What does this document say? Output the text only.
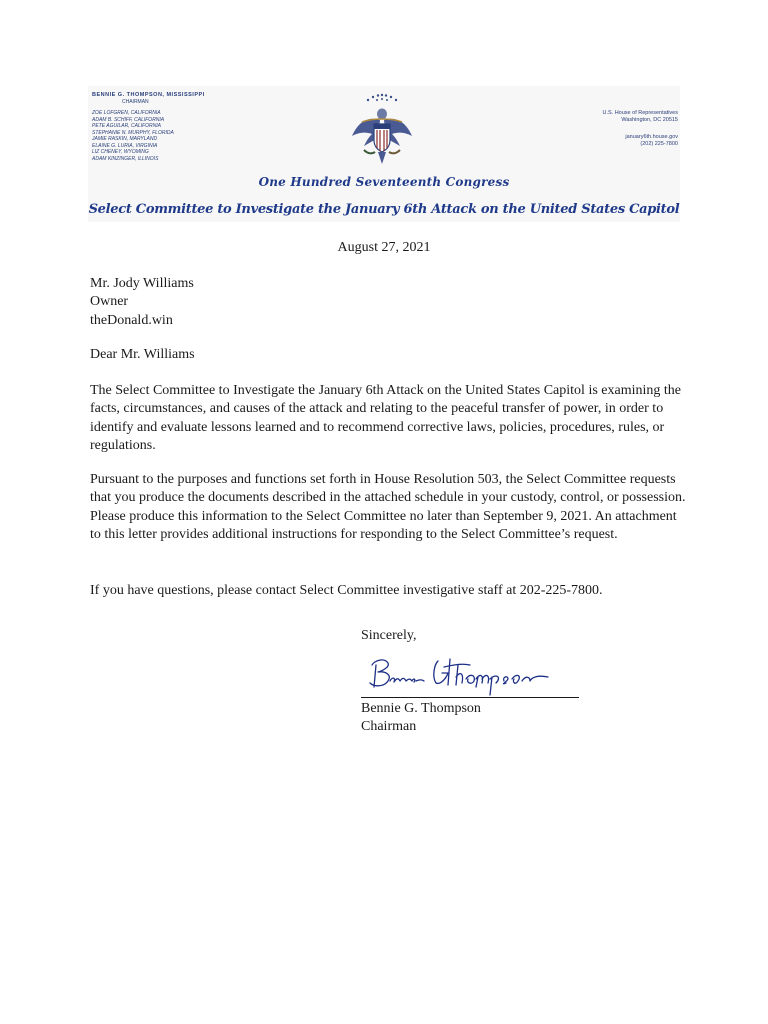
BENNIE G. THOMPSON, MISSISSIPPI
CHAIRMAN
ZOE LOFGREN, CALIFORNIA
ADAM B. SCHIFF, CALIFORNIA
PETE AGUILAR, CALIFORNIA
STEPHANIE N. MURPHY, FLORIDA
JAMIE RASKIN, MARYLAND
ELAINE G. LURIA, VIRGINIA
LIZ CHENEY, WYOMING
ADAM KINZINGER, ILLINOIS
U.S. House of Representatives
Washington, DC 20515
january6th.house.gov
(202) 225-7800
One Hundred Seventeenth Congress
Select Committee to Investigate the January 6th Attack on the United States Capitol
August 27, 2021
Mr. Jody Williams
Owner
theDonald.win
Dear Mr. Williams
The Select Committee to Investigate the January 6th Attack on the United States Capitol is examining the facts, circumstances, and causes of the attack and relating to the peaceful transfer of power, in order to identify and evaluate lessons learned and to recommend corrective laws, policies, procedures, rules, or regulations.
Pursuant to the purposes and functions set forth in House Resolution 503, the Select Committee requests that you produce the documents described in the attached schedule in your custody, control, or possession. Please produce this information to the Select Committee no later than September 9, 2021. An attachment to this letter provides additional instructions for responding to the Select Committee’s request.
If you have questions, please contact Select Committee investigative staff at 202-225-7800.
Sincerely,
Bennie G. Thompson
Chairman
